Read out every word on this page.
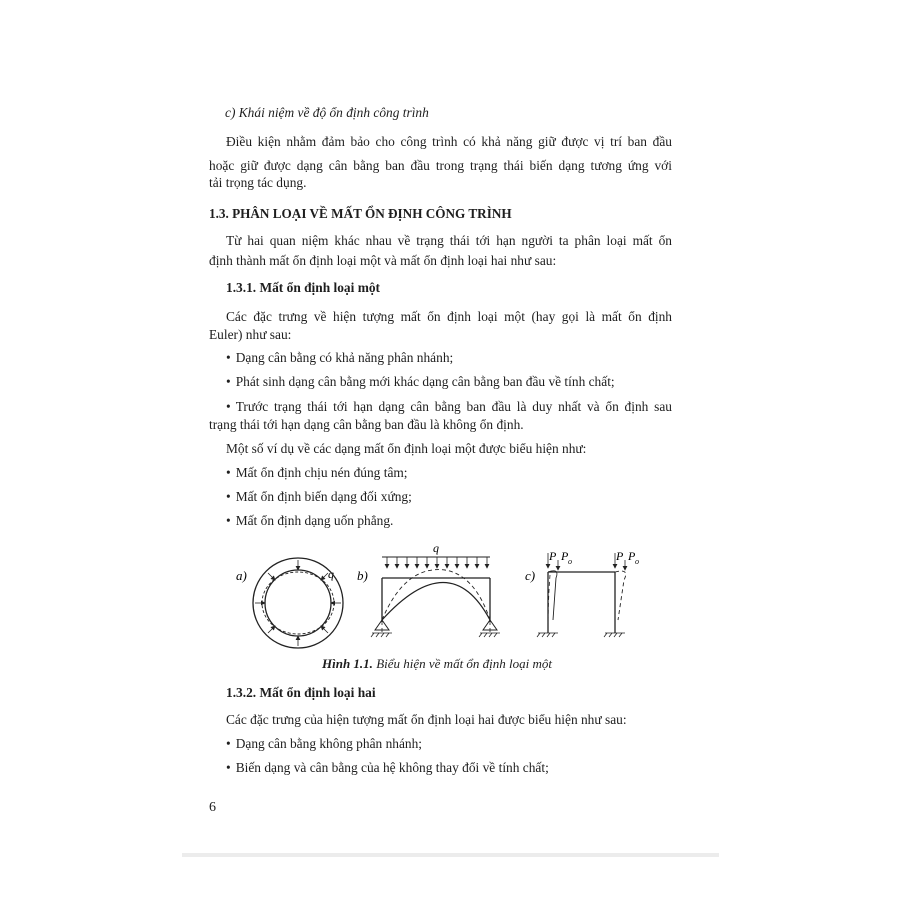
c) Khái niệm về độ ổn định công trình
Điều kiện nhằm đảm bảo cho công trình có khả năng giữ được vị trí ban đầu
hoặc giữ được dạng cân bằng ban đầu trong trạng thái biến dạng tương ứng với
tải trọng tác dụng.
1.3. PHÂN LOẠI VỀ MẤT ỔN ĐỊNH CÔNG TRÌNH
Từ hai quan niệm khác nhau về trạng thái tới hạn người ta phân loại mất ổn
định thành mất ổn định loại một và mất ổn định loại hai như sau:
1.3.1. Mất ổn định loại một
Các đặc trưng về hiện tượng mất ổn định loại một (hay gọi là mất ổn định
Euler) như sau:
• Dạng cân bằng có khả năng phân nhánh;
• Phát sinh dạng cân bằng mới khác dạng cân bằng ban đầu về tính chất;
• Trước trạng thái tới hạn dạng cân bằng ban đầu là duy nhất và ổn định sau
trạng thái tới hạn dạng cân bằng ban đầu là không ổn định.
Một số ví dụ về các dạng mất ổn định loại một được biểu hiện như:
• Mất ổn định chịu nén đúng tâm;
• Mất ổn định biến dạng đối xứng;
• Mất ổn định dạng uốn phẳng.
a)	q b)
q
c)
P P o	P P o
Hình 1.1. Biểu hiện về mất ổn định loại một
1.3.2. Mất ổn định loại hai
Các đặc trưng của hiện tượng mất ổn định loại hai được biểu hiện như sau:
• Dạng cân bằng không phân nhánh;
• Biến dạng và cân bằng của hệ không thay đổi về tính chất;
6
